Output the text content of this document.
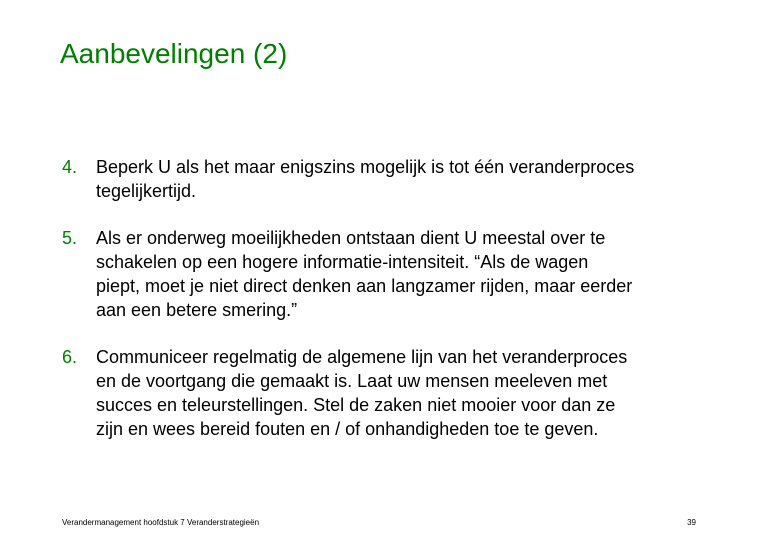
Aanbevelingen (2)
4. Beperk U als het maar enigszins mogelijk is tot één veranderproces
tegelijkertijd.
5. Als er onderweg moeilijkheden ontstaan dient U meestal over te
schakelen op een hogere informatie-intensiteit. “Als de wagen
piept, moet je niet direct denken aan langzamer rijden, maar eerder
aan een betere smering.”
6. Communiceer regelmatig de algemene lijn van het veranderproces
en de voortgang die gemaakt is. Laat uw mensen meeleven met
succes en teleurstellingen. Stel de zaken niet mooier voor dan ze
zijn en wees bereid fouten en / of onhandigheden toe te geven.
Verandermanagement hoofdstuk 7 Veranderstrategieën	39
